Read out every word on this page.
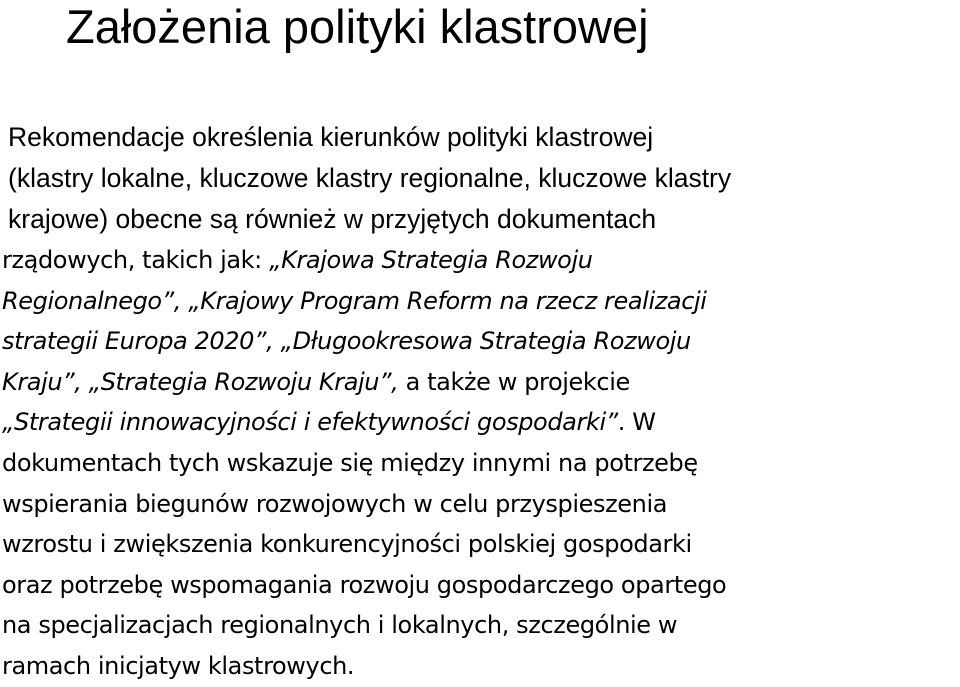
Założenia polityki klastrowej

Rekomendacje określenia kierunków polityki klastrowej
(klastry lokalne, kluczowe klastry regionalne, kluczowe klastry
krajowe) obecne są również w przyjętych dokumentach

rządowych, takich jak: „Krajowa Strategia Rozwoju
Regionalnego”, „Krajowy Program Reform na rzecz realizacji
strategii Europa 2020”, „Długookresowa Strategia Rozwoju
Kraju”, „Strategia Rozwoju Kraju”, a także w projekcie
„Strategii innowacyjności i efektywności gospodarki”. W
dokumentach tych wskazuje się między innymi na potrzebę
wspierania biegunów rozwojowych w celu przyspieszenia
wzrostu i zwiększenia konkurencyjności polskiej gospodarki
oraz potrzebę wspomagania rozwoju gospodarczego opartego
na specjalizacjach regionalnych i lokalnych, szczególnie w
ramach inicjatyw klastrowych.
